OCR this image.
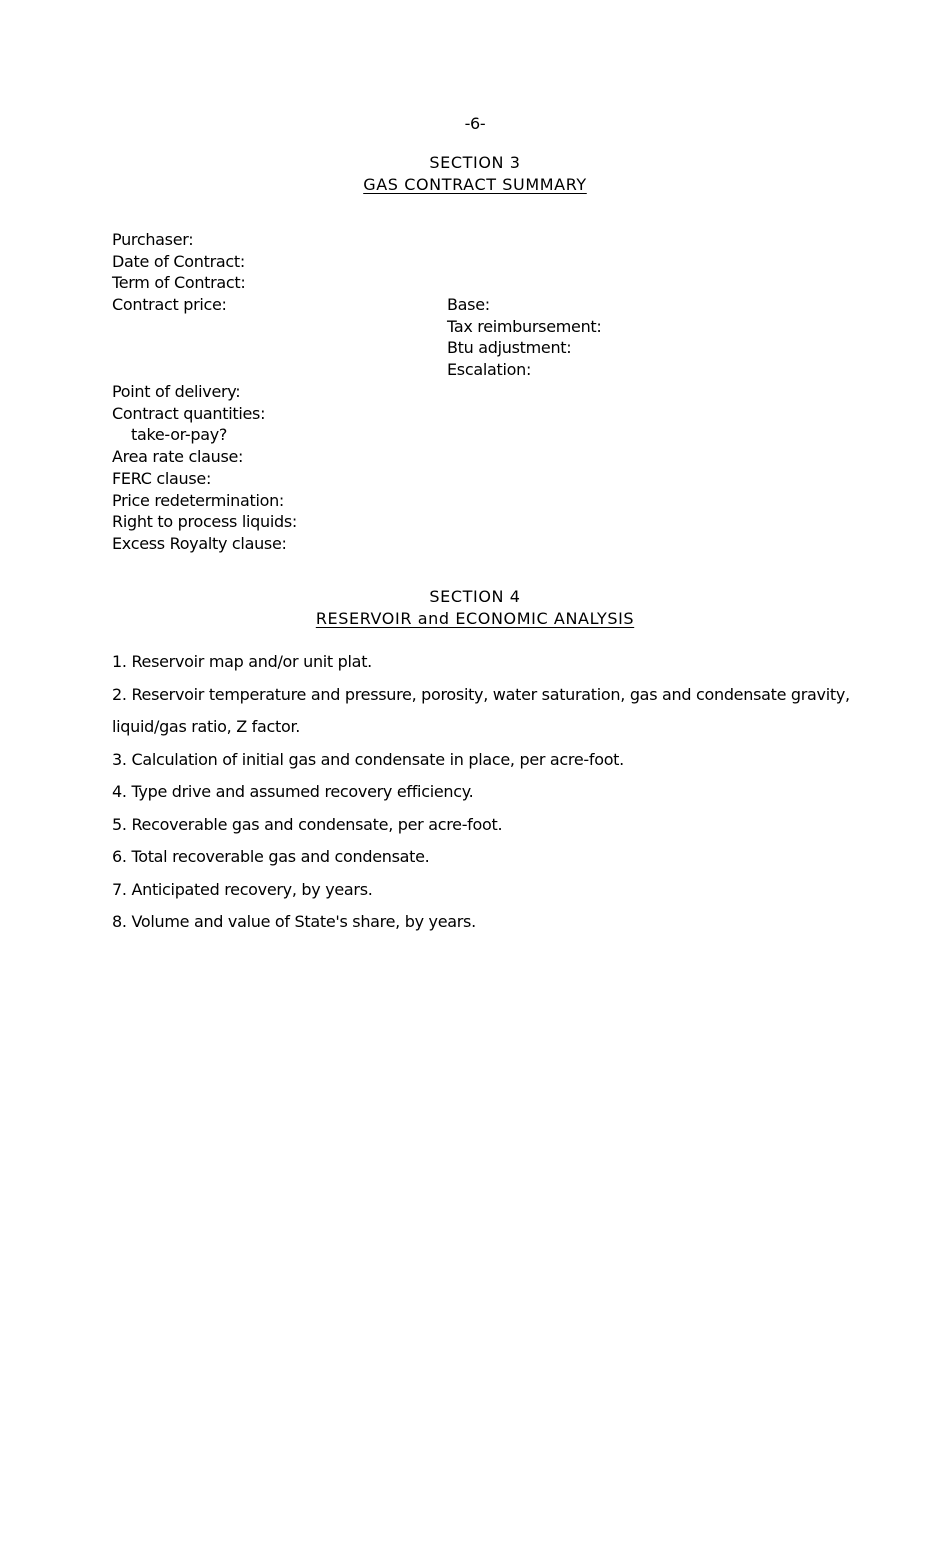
-6-
SECTION 3
GAS CONTRACT SUMMARY
Purchaser:
Date of Contract:
Term of Contract:
Contract price:	Base:
Tax reimbursement:
Btu adjustment:
Escalation:
Point of delivery:
Contract quantities:
take-or-pay?
Area rate clause:
FERC clause:
Price redetermination:
Right to process liquids:
Excess Royalty clause:
SECTION 4
RESERVOIR and ECONOMIC ANALYSIS
1. Reservoir map and/or unit plat.
2. Reservoir temperature and pressure, porosity, water saturation, gas and condensate gravity,
liquid/gas ratio, Z factor.
3. Calculation of initial gas and condensate in place, per acre-foot.
4. Type drive and assumed recovery efficiency.
5. Recoverable gas and condensate, per acre-foot.
6. Total recoverable gas and condensate.
7. Anticipated recovery, by years.
8. Volume and value of State's share, by years.
